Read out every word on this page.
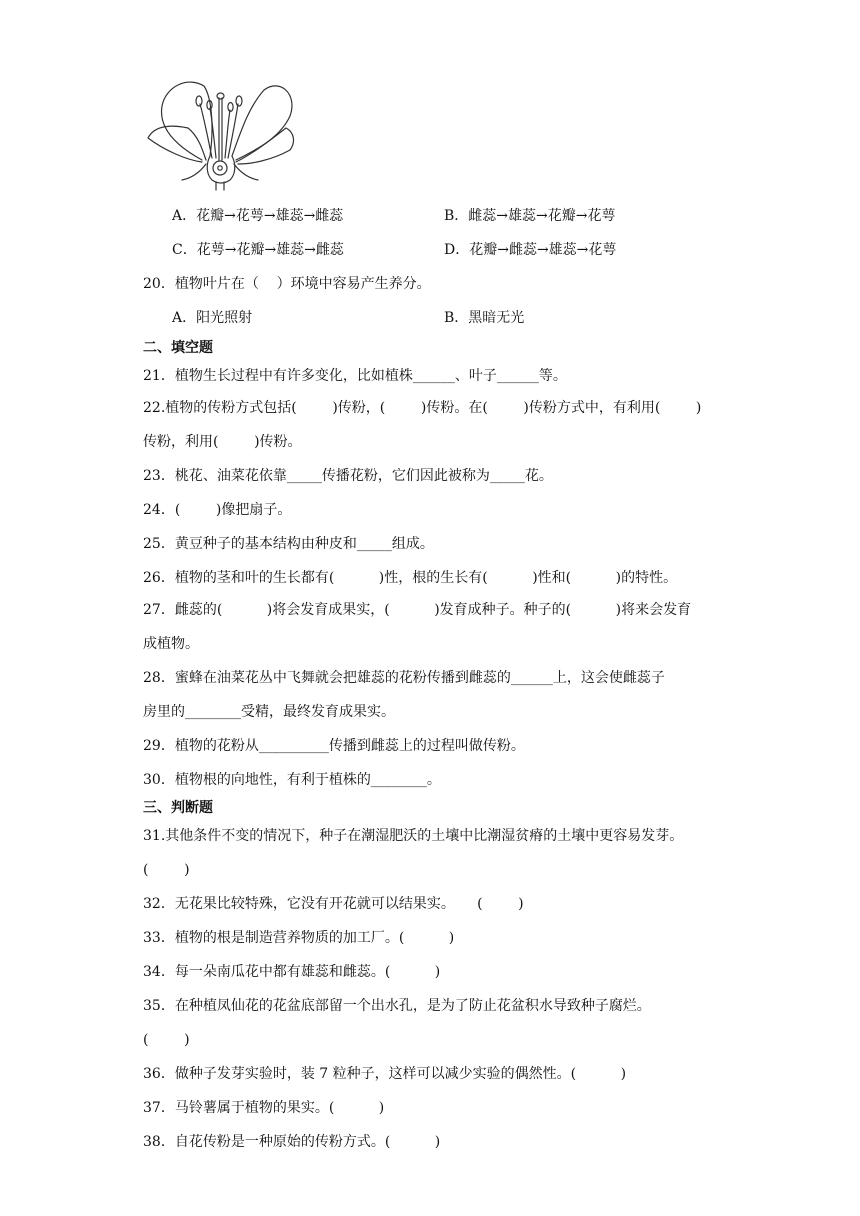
A．花瓣→花萼→雄蕊→雌蕊	B．雌蕊→雄蕊→花瓣→花萼
C．花萼→花瓣→雄蕊→雌蕊	D．花瓣→雌蕊→雄蕊→花萼
20．植物叶片在（    ）环境中容易产生养分。
A．阳光照射	B．黑暗无光
二、填空题
21．植物生长过程中有许多变化，比如植株______、叶子______等。
22.植物的传粉方式包括(        )传粉，(        )传粉。在(        )传粉方式中，有利用(        )
传粉，利用(        )传粉。
23．桃花、油菜花依靠_____传播花粉，它们因此被称为_____花。
24．(        )像把扇子。
25．黄豆种子的基本结构由种皮和_____组成。
26．植物的茎和叶的生长都有(          )性，根的生长有(          )性和(          )的特性。
27．雌蕊的(          )将会发育成果实，(          )发育成种子。种子的(          )将来会发育
成植物。
28．蜜蜂在油菜花丛中飞舞就会把雄蕊的花粉传播到雌蕊的______上，这会使雌蕊子
房里的________受精，最终发育成果实。
29．植物的花粉从__________传播到雌蕊上的过程叫做传粉。
30．植物根的向地性，有利于植株的________。
三、判断题
31.其他条件不变的情况下，种子在潮湿肥沃的土壤中比潮湿贫瘠的土壤中更容易发芽。
(        )
32．无花果比较特殊，它没有开花就可以结果实。     (        )
33．植物的根是制造营养物质的加工厂。(          )
34．每一朵南瓜花中都有雄蕊和雌蕊。(          )
35．在种植凤仙花的花盆底部留一个出水孔，是为了防止花盆积水导致种子腐烂。
(        )
36．做种子发芽实验时，装 7 粒种子，这样可以减少实验的偶然性。(          )
37．马铃薯属于植物的果实。(          )
38．自花传粉是一种原始的传粉方式。(          )
